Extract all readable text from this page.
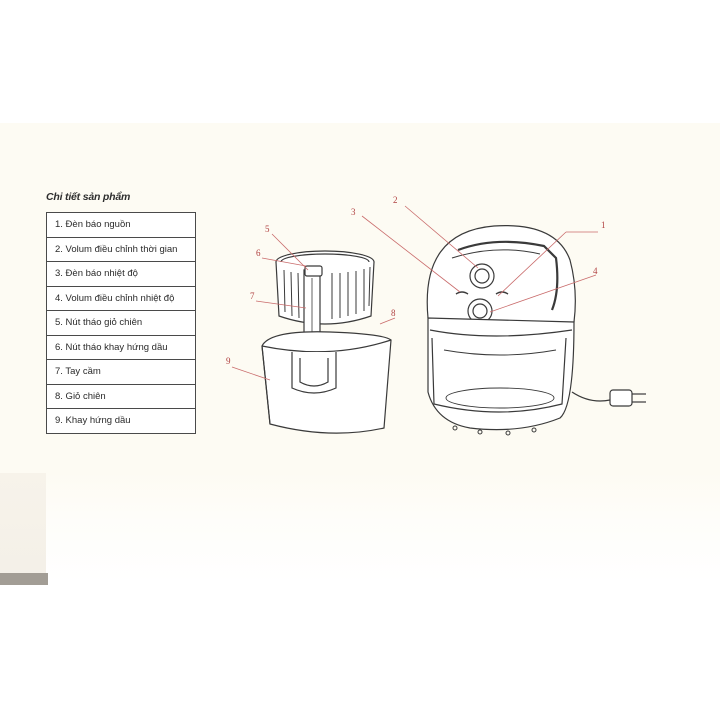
Chi tiết sản phẩm
1. Đèn báo nguồn
2. Volum điều chỉnh thời gian
3. Đèn báo nhiệt độ
4. Volum điều chỉnh nhiệt độ
5. Nút tháo giỏ chiên
6. Nút tháo khay hứng dầu
7. Tay cầm
8. Giỏ chiên
9. Khay hứng dầu
1
2
3
4
5
6
7
8
9
